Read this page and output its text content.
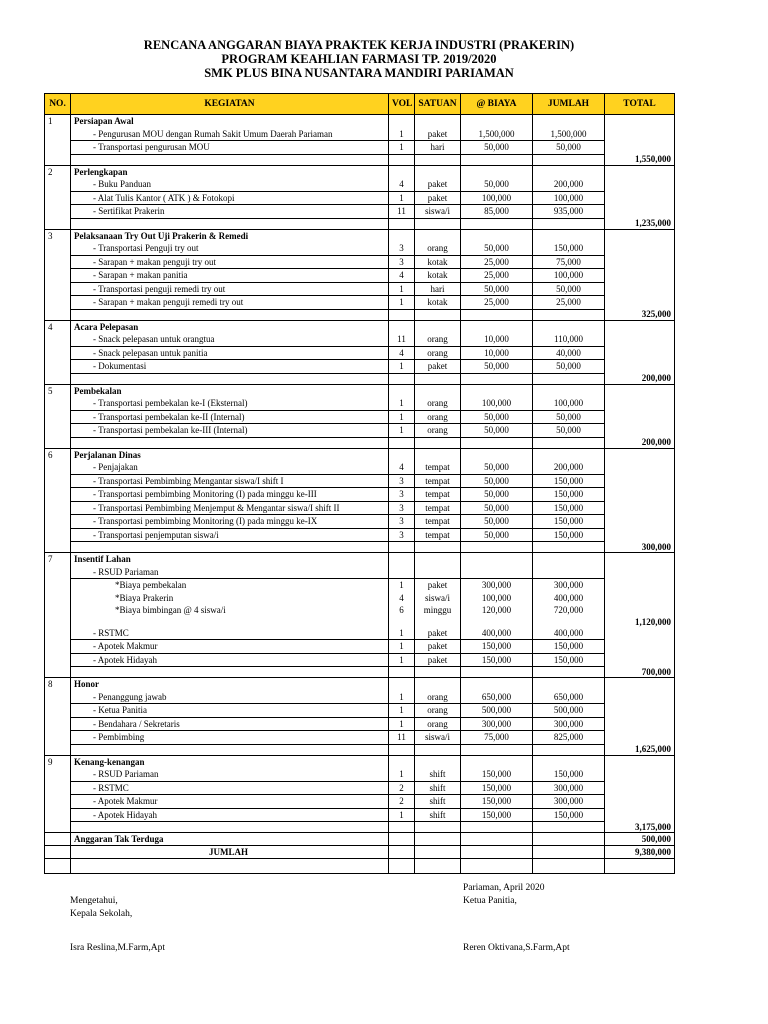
RENCANA ANGGARAN BIAYA PRAKTEK KERJA INDUSTRI (PRAKERIN)
PROGRAM KEAHLIAN FARMASI TP. 2019/2020
SMK PLUS BINA NUSANTARA MANDIRI PARIAMAN
NO.	KEGIATAN	VOL	SATUAN	@ BIAYA	JUMLAH	TOTAL
1	Persiapan Awal					
	- Pengurusan MOU dengan Rumah Sakit Umum Daerah Pariaman	1	paket	1,500,000	1,500,000	
	- Transportasi pengurusan MOU	1	hari	50,000	50,000	
						1,550,000
2	Perlengkapan					
	- Buku Panduan	4	paket	50,000	200,000	
	- Alat Tulis Kantor ( ATK ) & Fotokopi	1	paket	100,000	100,000	
	- Sertifikat Prakerin	11	siswa/i	85,000	935,000	
						1,235,000
3	Pelaksanaan Try Out Uji Prakerin & Remedi					
	- Transportasi Penguji try out	3	orang	50,000	150,000	
	- Sarapan + makan penguji try out	3	kotak	25,000	75,000	
	- Sarapan + makan panitia	4	kotak	25,000	100,000	
	- Transportasi penguji remedi try out	1	hari	50,000	50,000	
	- Sarapan + makan penguji remedi try out	1	kotak	25,000	25,000	
						325,000
4	Acara Pelepasan					
	- Snack pelepasan untuk orangtua	11	orang	10,000	110,000	
	- Snack pelepasan untuk panitia	4	orang	10,000	40,000	
	- Dokumentasi	1	paket	50,000	50,000	
						200,000
5	Pembekalan					
	- Transportasi pembekalan ke-I (Eksternal)	1	orang	100,000	100,000	
	- Transportasi pembekalan ke-II (Internal)	1	orang	50,000	50,000	
	- Transportasi pembekalan ke-III (Internal)	1	orang	50,000	50,000	
						200,000
6	Perjalanan Dinas					
	- Penjajakan	4	tempat	50,000	200,000	
	- Transportasi Pembimbing Mengantar siswa/I shift I	3	tempat	50,000	150,000	
	- Transportasi pembimbing Monitoring (I) pada minggu ke-III	3	tempat	50,000	150,000	
	- Transportasi Pembimbing Menjemput & Mengantar siswa/I shift II	3	tempat	50,000	150,000	
	- Transportasi pembimbing Monitoring (I) pada minggu ke-IX	3	tempat	50,000	150,000	
	- Transportasi penjemputan siswa/i	3	tempat	50,000	150,000	
						300,000
7	Insentif Lahan					
	- RSUD Pariaman					
	*Biaya pembekalan	1	paket	300,000	300,000	
	*Biaya Prakerin	4	siswa/i	100,000	400,000	
	*Biaya bimbingan @ 4 siswa/i	6	minggu	120,000	720,000	
						1,120,000
	- RSTMC	1	paket	400,000	400,000	
	- Apotek Makmur	1	paket	150,000	150,000	
	- Apotek Hidayah	1	paket	150,000	150,000	
						700,000
8	Honor					
	- Penanggung jawab	1	orang	650,000	650,000	
	- Ketua Panitia	1	orang	500,000	500,000	
	- Bendahara / Sekretaris	1	orang	300,000	300,000	
	- Pembimbing	11	siswa/i	75,000	825,000	
						1,625,000
9	Kenang-kenangan					
	- RSUD Pariaman	1	shift	150,000	150,000	
	- RSTMC	2	shift	150,000	300,000	
	- Apotek Makmur	2	shift	150,000	300,000	
	- Apotek Hidayah	1	shift	150,000	150,000	
						3,175,000
	Anggaran Tak Terduga					500,000
	JUMLAH					9,380,000

Pariaman, April 2020
Ketua Panitia,
Mengetahui,
Kepala Sekolah,
Isra Reslina,M.Farm,Apt	Reren Oktivana,S.Farm,Apt
